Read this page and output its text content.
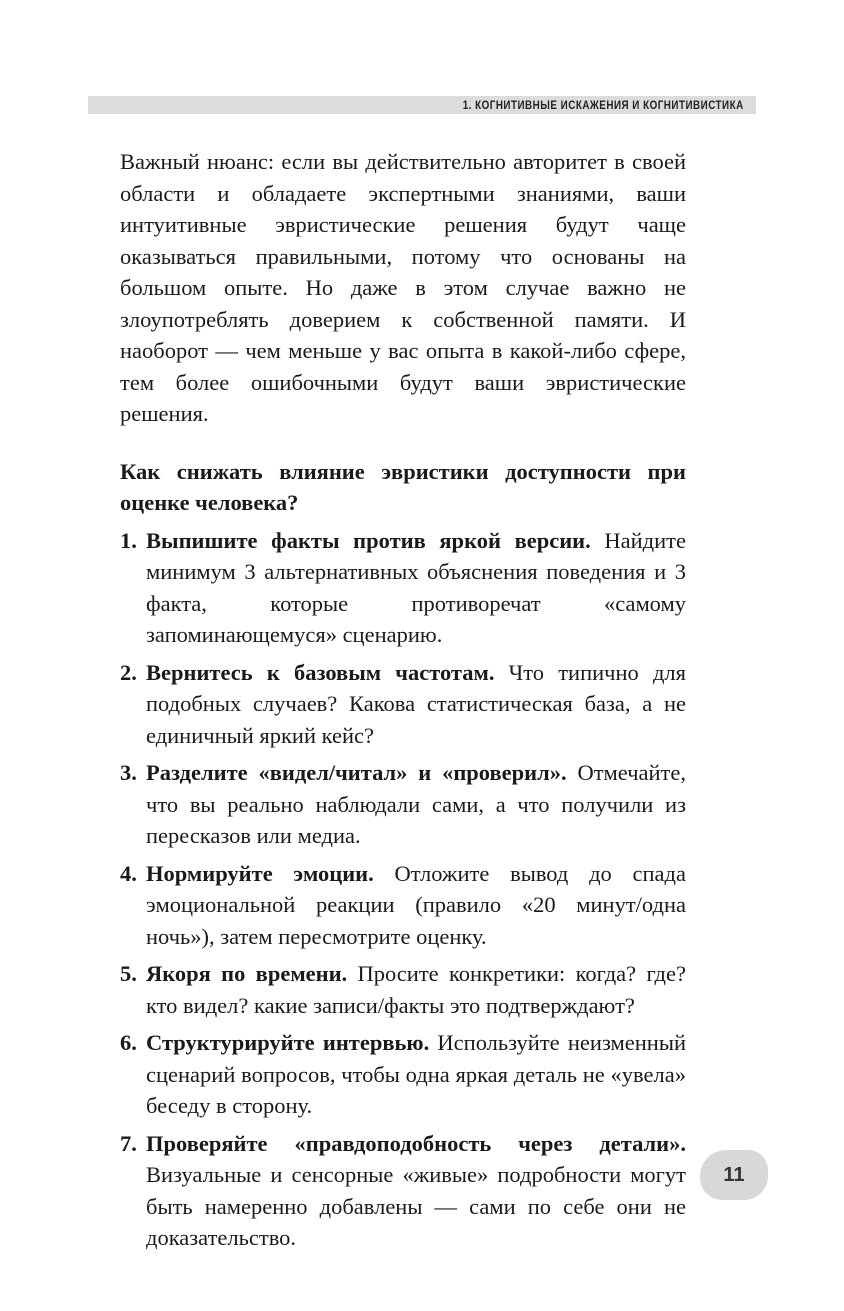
1. КОГНИТИВНЫЕ ИСКАЖЕНИЯ И КОГНИТИВИСТИКА

Важный нюанс: если вы действительно авторитет в своей области и обладаете экспертными знаниями, ваши интуитивные эвристические решения будут чаще оказываться правильными, потому что основаны на большом опыте. Но даже в этом случае важно не злоупотреблять доверием к собственной памяти. И наоборот — чем меньше у вас опыта в какой-либо сфере, тем более ошибочными будут ваши эвристические решения.

Как снижать влияние эвристики доступности при оценке человека?

1. Выпишите факты против яркой версии. Найдите минимум 3 альтернативных объяснения поведения и 3 факта, которые противоречат «самому запоминающемуся» сценарию.
2. Вернитесь к базовым частотам. Что типично для подобных случаев? Какова статистическая база, а не единичный яркий кейс?
3. Разделите «видел/читал» и «проверил». Отмечайте, что вы реально наблюдали сами, а что получили из пересказов или медиа.
4. Нормируйте эмоции. Отложите вывод до спада эмоциональной реакции (правило «20 минут/одна ночь»), затем пересмотрите оценку.
5. Якоря по времени. Просите конкретики: когда? где? кто видел? какие записи/факты это подтверждают?
6. Структурируйте интервью. Используйте неизменный сценарий вопросов, чтобы одна яркая деталь не «увела» беседу в сторону.
7. Проверяйте «правдоподобность через детали». Визуальные и сенсорные «живые» подробности могут быть намеренно добавлены — сами по себе они не доказательство.
11
